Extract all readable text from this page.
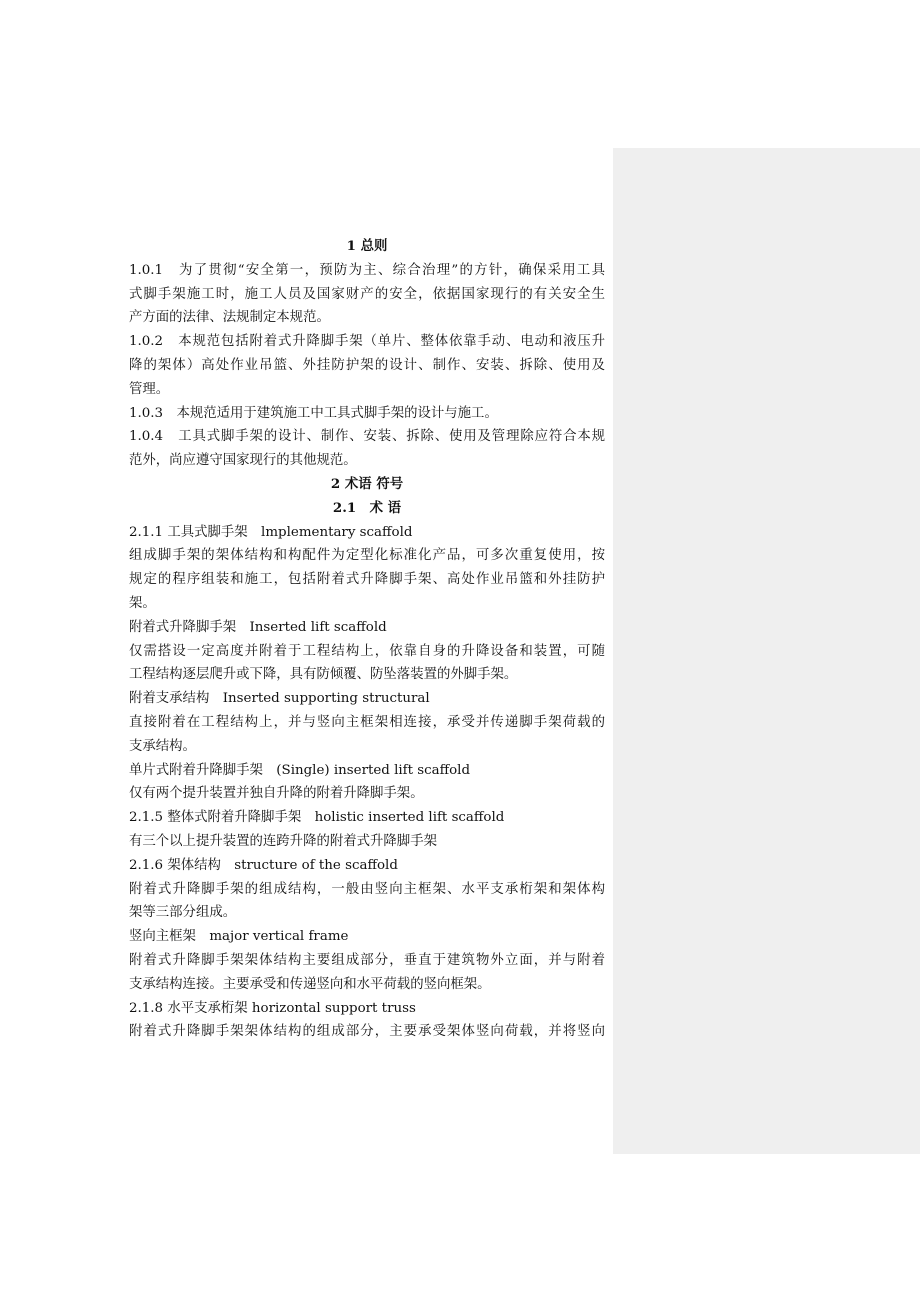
1 总则
1.0.1　为了贯彻“安全第一，预防为主、综合治理”的方针，确保采用工具
式脚手架施工时，施工人员及国家财产的安全，依据国家现行的有关安全生
产方面的法律、法规制定本规范。
1.0.2　本规范包括附着式升降脚手架（单片、整体依靠手动、电动和液压升
降的架体）高处作业吊篮、外挂防护架的设计、制作、安装、拆除、使用及
管理。
1.0.3　本规范适用于建筑施工中工具式脚手架的设计与施工。
1.0.4　工具式脚手架的设计、制作、安装、拆除、使用及管理除应符合本规
范外，尚应遵守国家现行的其他规范。
2 术语 符号
2.1　术 语
2.1.1 工具式脚手架　lmplementary scaffold
组成脚手架的架体结构和构配件为定型化标准化产品，可多次重复使用，按
规定的程序组装和施工，包括附着式升降脚手架、高处作业吊篮和外挂防护
架。
附着式升降脚手架　Inserted lift scaffold
仅需搭设一定高度并附着于工程结构上，依靠自身的升降设备和装置，可随
工程结构逐层爬升或下降，具有防倾覆、防坠落装置的外脚手架。
附着支承结构　Inserted supporting structural
直接附着在工程结构上，并与竖向主框架相连接，承受并传递脚手架荷载的
支承结构。
单片式附着升降脚手架　(Single) inserted lift scaffold
仅有两个提升装置并独自升降的附着升降脚手架。
2.1.5 整体式附着升降脚手架　holistic inserted lift scaffold
有三个以上提升装置的连跨升降的附着式升降脚手架
2.1.6 架体结构　structure of the scaffold
附着式升降脚手架的组成结构，一般由竖向主框架、水平支承桁架和架体构
架等三部分组成。
竖向主框架　major vertical frame
附着式升降脚手架架体结构主要组成部分，垂直于建筑物外立面，并与附着
支承结构连接。主要承受和传递竖向和水平荷载的竖向框架。
2.1.8 水平支承桁架 horizontal support truss
附着式升降脚手架架体结构的组成部分，主要承受架体竖向荷载，并将竖向
